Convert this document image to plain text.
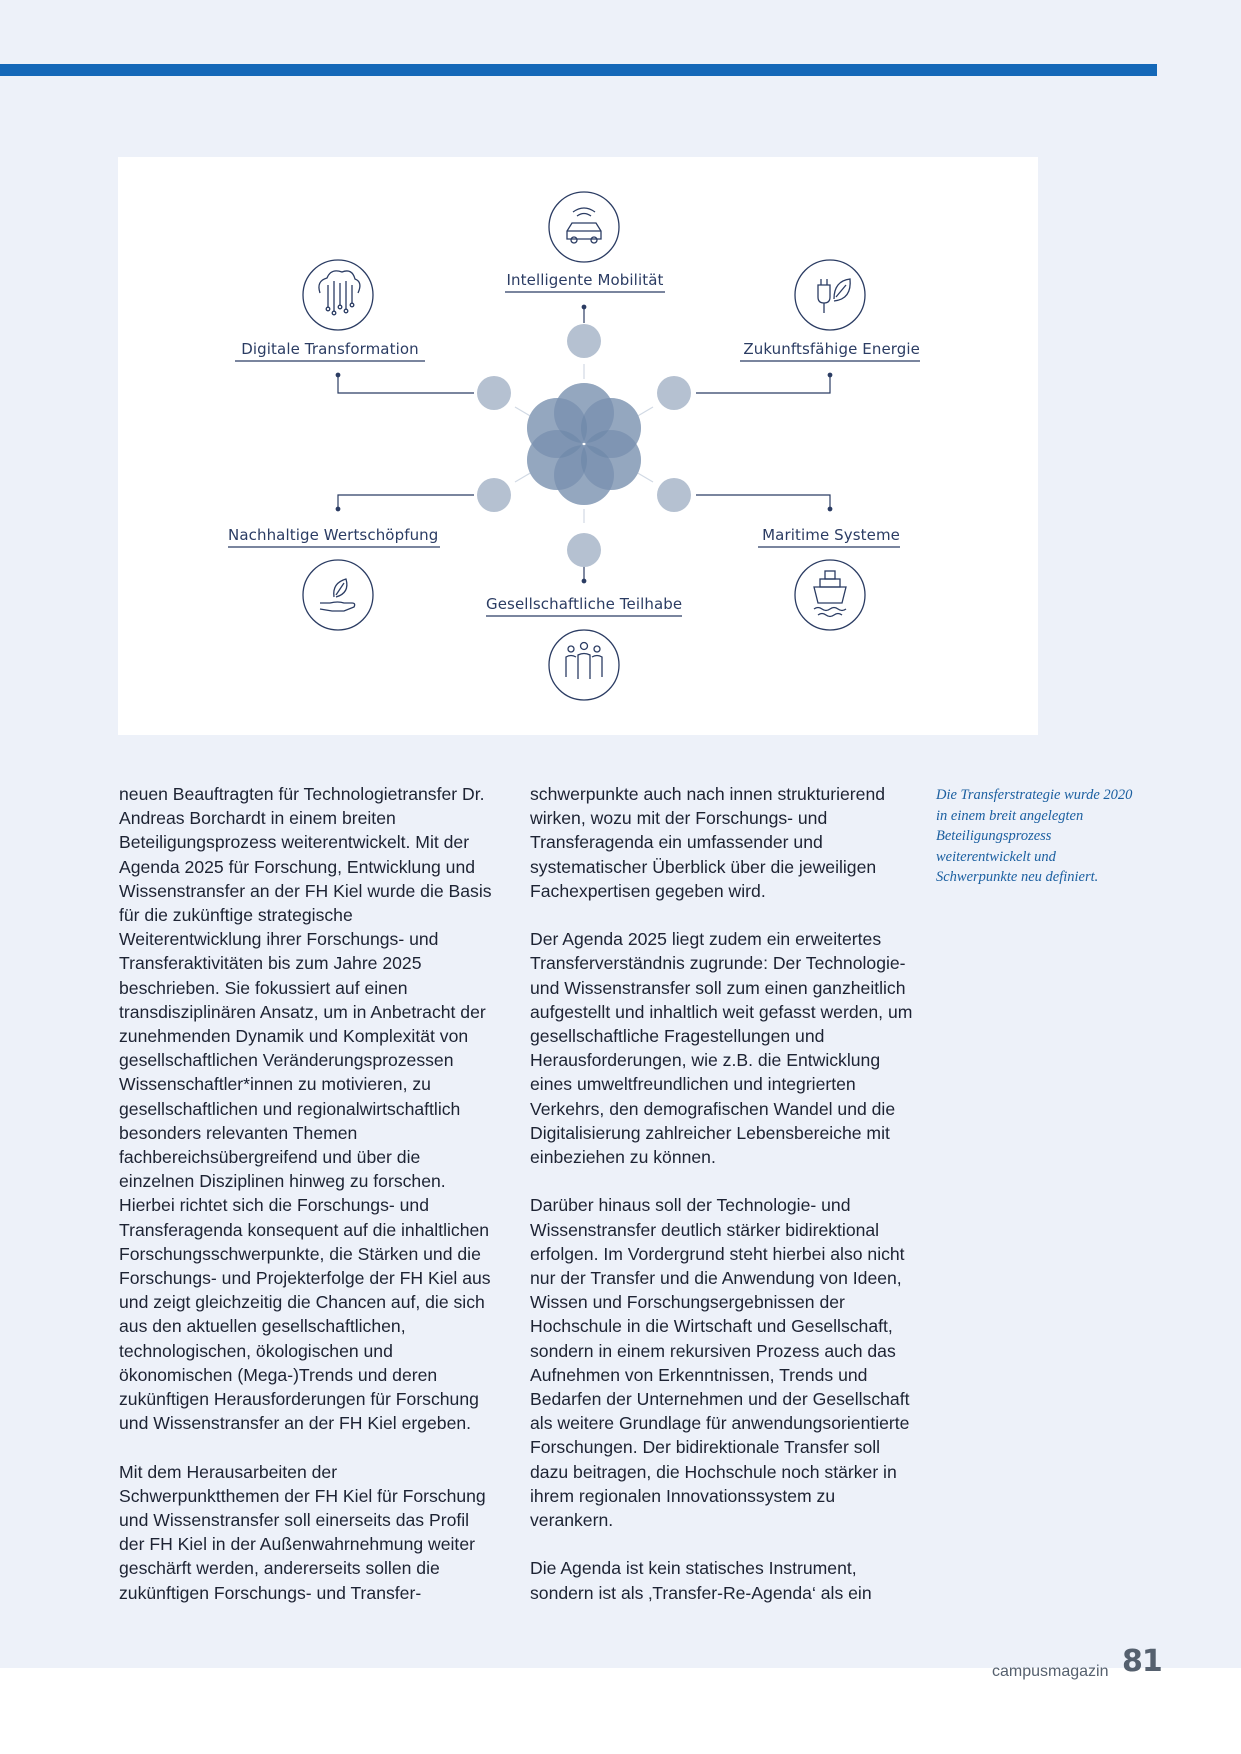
Intelligente Mobilität
Digitale Transformation	Zukunftsfähige Energie
Nachhaltige Wertschöpfung	Maritime Systeme
Gesellschaftliche Teilhabe

neuen Beauftragten für Technologietransfer Dr. Andreas Borchardt in einem breiten Beteiligungsprozess weiterentwickelt. Mit der Agenda 2025 für Forschung, Entwicklung und Wissenstransfer an der FH Kiel wurde die Basis für die zukünftige strategische Weiterentwicklung ihrer Forschungs- und Transferaktivitäten bis zum Jahre 2025 beschrieben. Sie fokussiert auf einen transdisziplinären Ansatz, um in Anbetracht der zunehmenden Dynamik und Komplexität von gesellschaftlichen Veränderungsprozessen Wissenschaftler*innen zu motivieren, zu gesellschaftlichen und regionalwirtschaftlich besonders relevanten Themen fachbereichsübergreifend und über die einzelnen Disziplinen hinweg zu forschen. Hierbei richtet sich die Forschungs- und Transferagenda konsequent auf die inhaltlichen Forschungsschwerpunkte, die Stärken und die Forschungs- und Projekterfolge der FH Kiel aus und zeigt gleichzeitig die Chancen auf, die sich aus den aktuellen gesellschaftlichen, technologischen, ökologischen und ökonomischen (Mega-)Trends und deren zukünftigen Herausforderungen für Forschung und Wissenstransfer an der FH Kiel ergeben.

Mit dem Herausarbeiten der Schwerpunktthemen der FH Kiel für Forschung und Wissenstransfer soll einerseits das Profil der FH Kiel in der Außenwahrnehmung weiter geschärft werden, andererseits sollen die zukünftigen Forschungs- und Transfer-

schwerpunkte auch nach innen strukturierend wirken, wozu mit der Forschungs- und Transferagenda ein umfassender und systematischer Überblick über die jeweiligen Fachexpertisen gegeben wird.

Der Agenda 2025 liegt zudem ein erweitertes Transferverständnis zugrunde: Der Technologie- und Wissenstransfer soll zum einen ganzheitlich aufgestellt und inhaltlich weit gefasst werden, um gesellschaftliche Fragestellungen und Herausforderungen, wie z.B. die Entwicklung eines umweltfreundlichen und integrierten Verkehrs, den demografischen Wandel und die Digitalisierung zahlreicher Lebensbereiche mit einbeziehen zu können.

Darüber hinaus soll der Technologie- und Wissenstransfer deutlich stärker bidirektional erfolgen. Im Vordergrund steht hierbei also nicht nur der Transfer und die Anwendung von Ideen, Wissen und Forschungsergebnissen der Hochschule in die Wirtschaft und Gesellschaft, sondern in einem rekursiven Prozess auch das Aufnehmen von Erkenntnissen, Trends und Bedarfen der Unternehmen und der Gesellschaft als weitere Grundlage für anwendungsorientierte Forschungen. Der bidirektionale Transfer soll dazu beitragen, die Hochschule noch stärker in ihrem regionalen Innovationssystem zu verankern.

Die Agenda ist kein statisches Instrument, sondern ist als ‚Transfer-Re-Agenda‘ als ein

Die Transferstrategie wurde 2020 in einem breit angelegten Beteiligungsprozess weiterentwickelt und Schwerpunkte neu definiert.
campusmagazin 81
